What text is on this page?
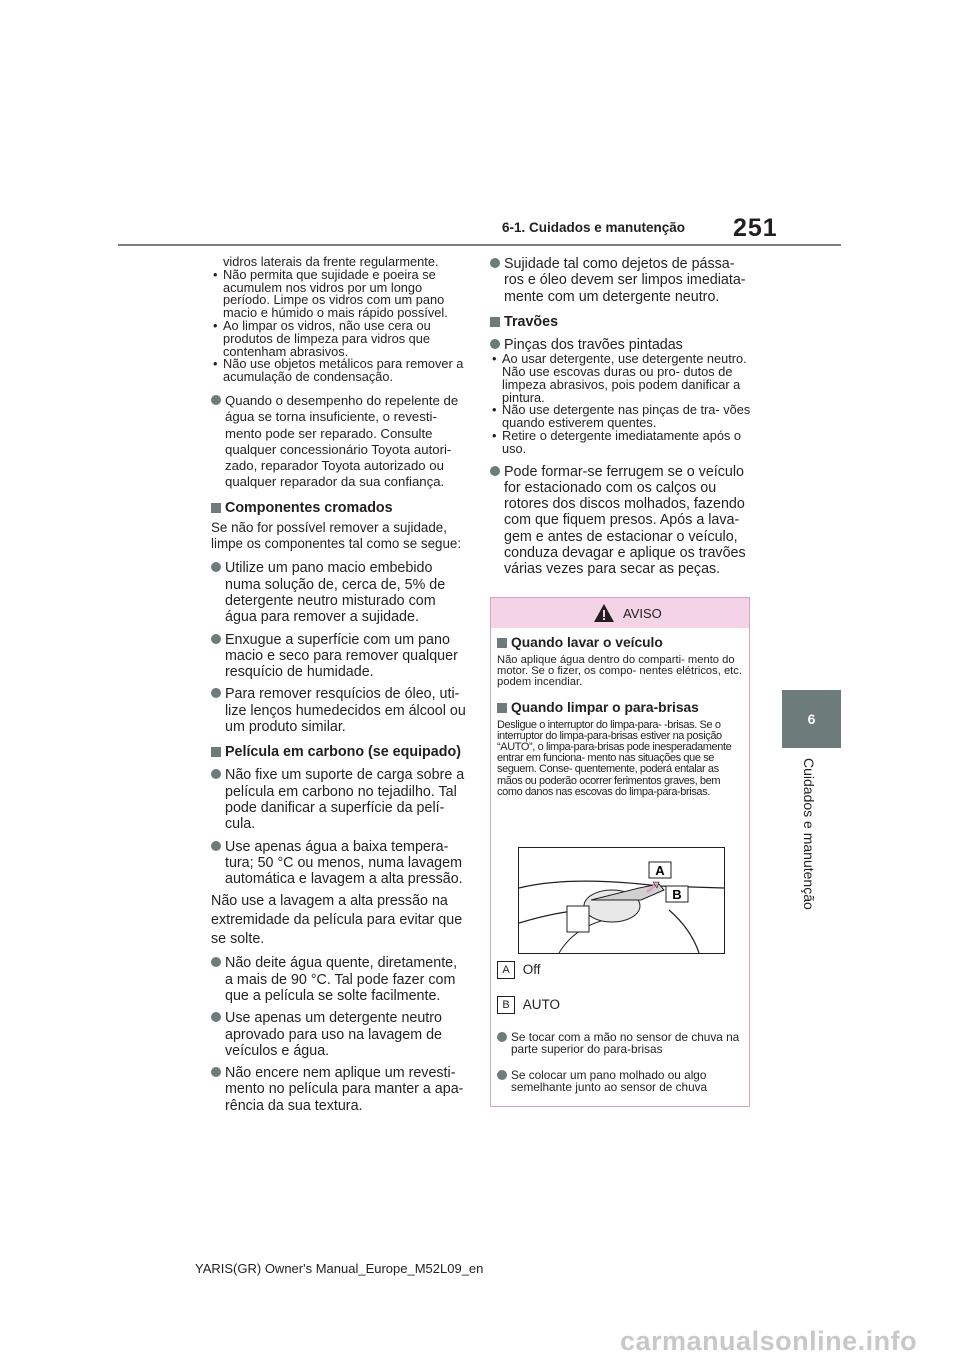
251
6-1. Cuidados e manutenção
6
Cuidados e manutenção

vidros laterais da frente regularmente.

• Não permita que sujidade e poeira se acumulem nos vidros por um longo período. Limpe os vidros com um pano macio e húmido o mais rápido possível.
• Ao limpar os vidros, não use cera ou produtos de limpeza para vidros que contenham abrasivos.
• Não use objetos metálicos para remover a acumulação de condensação.
Quando o desempenho do repelente de água se torna insuficiente, o revesti- mento pode ser reparado. Consulte qualquer concessionário Toyota autori- zado, reparador Toyota autorizado ou qualquer reparador da sua confiança.
Componentes cromados

Se não for possível remover a sujidade, limpe os componentes tal como se segue:

Utilize um pano macio embebido numa solução de, cerca de, 5% de detergente neutro misturado com água para remover a sujidade.
Enxugue a superfície com um pano macio e seco para remover qualquer resquício de humidade.
Para remover resquícios de óleo, uti- lize lenços humedecidos em álcool ou um produto similar.
Película em carbono (se equipado)
Não fixe um suporte de carga sobre a película em carbono no tejadilho. Tal pode danificar a superfície da pelí- cula.
Use apenas água a baixa tempera- tura; 50 °C ou menos, numa lavagem automática e lavagem a alta pressão.

Não use a lavagem a alta pressão na extremidade da película para evitar que se solte.

Não deite água quente, diretamente, a mais de 90 °C. Tal pode fazer com que a película se solte facilmente.
Use apenas um detergente neutro aprovado para uso na lavagem de veículos e água.
Não encere nem aplique um revesti- mento no película para manter a apa- rência da sua textura.
Sujidade tal como dejetos de pássa- ros e óleo devem ser limpos imediata- mente com um detergente neutro.
Travões
Pinças dos travões pintadas
• Ao usar detergente, use detergente neutro. Não use escovas duras ou pro- dutos de limpeza abrasivos, pois podem danificar a pintura.
• Não use detergente nas pinças de tra- vões quando estiverem quentes.
• Retire o detergente imediatamente após o uso.
Pode formar-se ferrugem se o veículo for estacionado com os calços ou rotores dos discos molhados, fazendo com que fiquem presos. Após a lava- gem e antes de estacionar o veículo, conduza devagar e aplique os travões várias vezes para secar as peças.
AVISO
Quando lavar o veículo

Não aplique água dentro do comparti- mento do motor. Se o fizer, os compo- nentes elétricos, etc. podem incendiar.

Quando limpar o para-brisas

Desligue o interruptor do limpa-para- -brisas. Se o interruptor do limpa-para-brisas estiver na posição “AUTO”, o limpa-para-brisas pode inesperadamente entrar em funciona- mento nas situações que se seguem. Conse- quentemente, poderá entalar as mãos ou poderão ocorrer ferimentos graves, bem como danos nas escovas do limpa-para-brisas.

A
B
A Off
B AUTO
Se tocar com a mão no sensor de chuva na parte superior do para-brisas
Se colocar um pano molhado ou algo semelhante junto ao sensor de chuva
YARIS(GR) Owner's Manual_Europe_M52L09_en
carmanualsonline.info
